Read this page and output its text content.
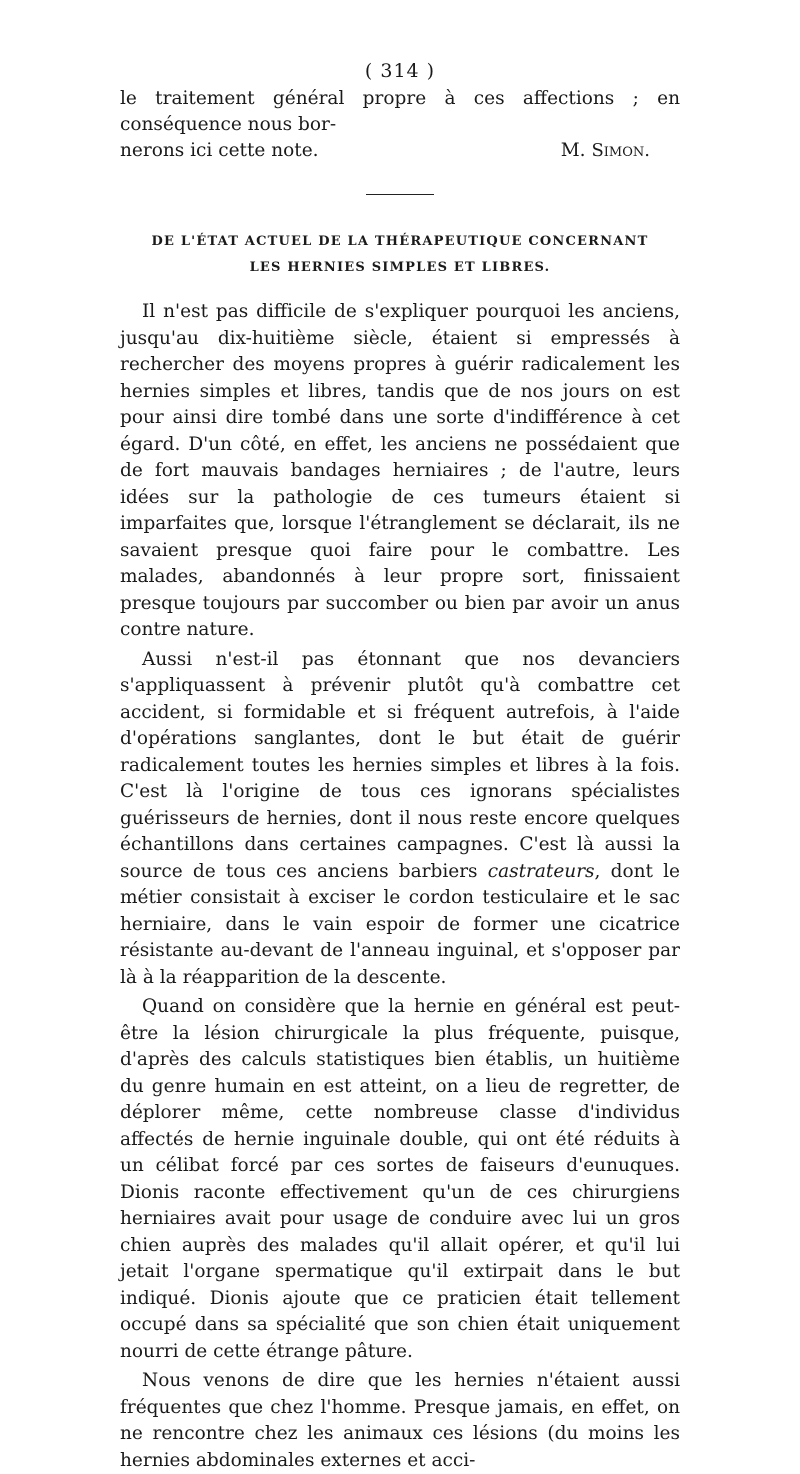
( 314 )

le traitement général propre à ces affections ; en conséquence nous bor-

nerons ici cette note.	M. Simon.
DE L'ÉTAT ACTUEL DE LA THÉRAPEUTIQUE CONCERNANT
LES HERNIES SIMPLES ET LIBRES.

Il n'est pas difficile de s'expliquer pourquoi les anciens, jusqu'au dix-huitième siècle, étaient si empressés à rechercher des moyens propres à guérir radicalement les hernies simples et libres, tandis que de nos jours on est pour ainsi dire tombé dans une sorte d'indifférence à cet égard. D'un côté, en effet, les anciens ne possédaient que de fort mauvais bandages herniaires ; de l'autre, leurs idées sur la pathologie de ces tumeurs étaient si imparfaites que, lorsque l'étranglement se déclarait, ils ne savaient presque quoi faire pour le combattre. Les malades, abandonnés à leur propre sort, finissaient presque toujours par succomber ou bien par avoir un anus contre nature.

Aussi n'est-il pas étonnant que nos devanciers s'appliquassent à prévenir plutôt qu'à combattre cet accident, si formidable et si fréquent autrefois, à l'aide d'opérations sanglantes, dont le but était de guérir radicalement toutes les hernies simples et libres à la fois. C'est là l'origine de tous ces ignorans spécialistes guérisseurs de hernies, dont il nous reste encore quelques échantillons dans certaines campagnes. C'est là aussi la source de tous ces anciens barbiers castrateurs, dont le métier consistait à exciser le cordon testiculaire et le sac herniaire, dans le vain espoir de former une cicatrice résistante au-devant de l'anneau inguinal, et s'opposer par là à la réapparition de la descente.

Quand on considère que la hernie en général est peut-être la lésion chirurgicale la plus fréquente, puisque, d'après des calculs statistiques bien établis, un huitième du genre humain en est atteint, on a lieu de regretter, de déplorer même, cette nombreuse classe d'individus affectés de hernie inguinale double, qui ont été réduits à un célibat forcé par ces sortes de faiseurs d'eunuques. Dionis raconte effectivement qu'un de ces chirurgiens herniaires avait pour usage de conduire avec lui un gros chien auprès des malades qu'il allait opérer, et qu'il lui jetait l'organe spermatique qu'il extirpait dans le but indiqué. Dionis ajoute que ce praticien était tellement occupé dans sa spécialité que son chien était uniquement nourri de cette étrange pâture.

Nous venons de dire que les hernies n'étaient aussi fréquentes que chez l'homme. Presque jamais, en effet, on ne rencontre chez les animaux ces lésions (du moins les hernies abdominales externes et acci-
